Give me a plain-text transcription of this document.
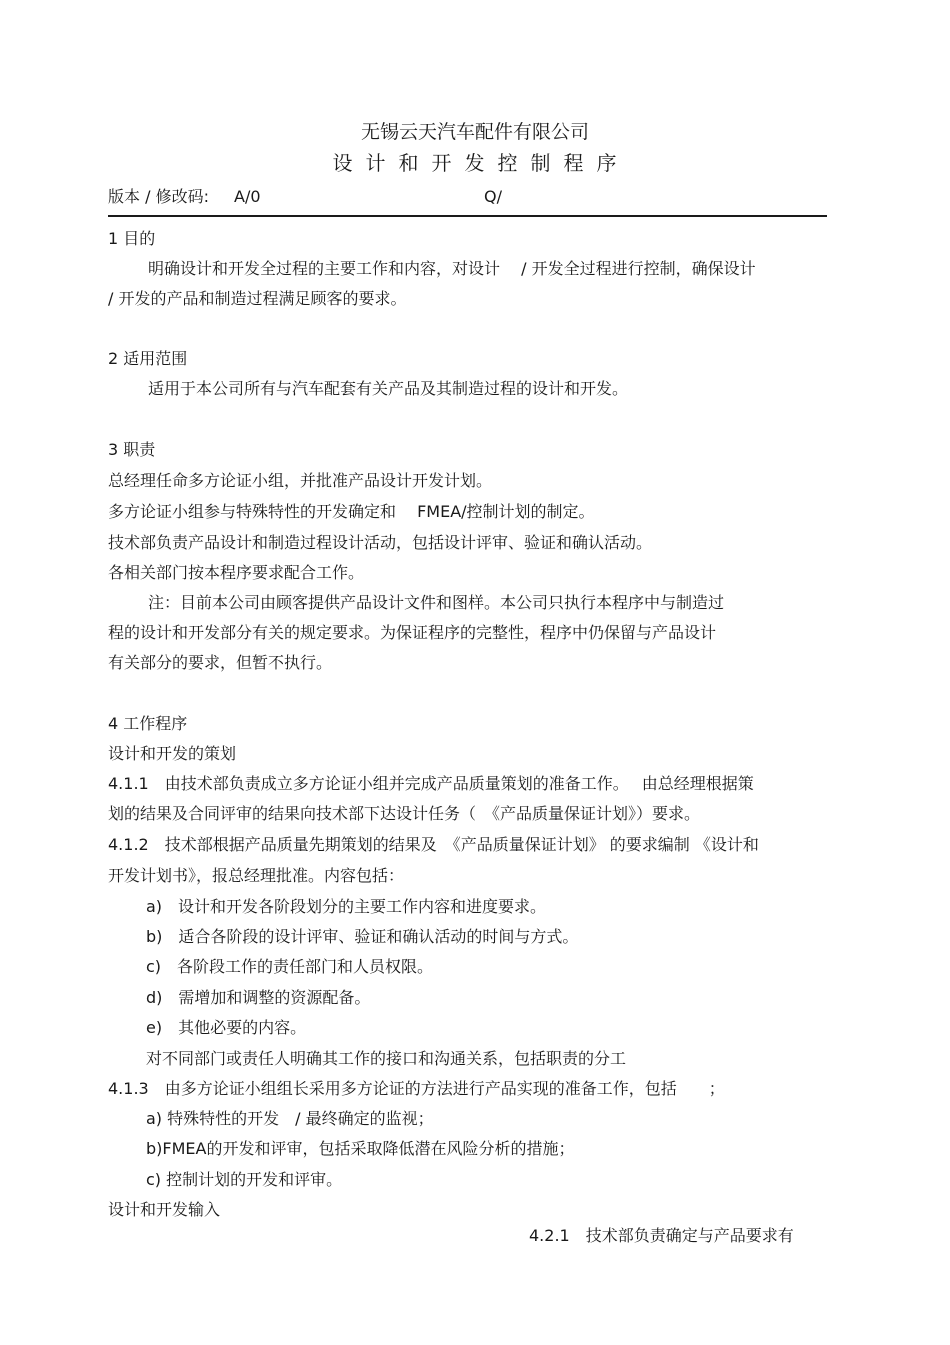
无锡云天汽车配件有限公司
设计和开发控制程序
版本 / 修改码: A/0	Q/
1 目的
明确设计和开发全过程的主要工作和内容，对设计　 / 开发全过程进行控制，确保设计
/ 开发的产品和制造过程满足顾客的要求。
2 适用范围
适用于本公司所有与汽车配套有关产品及其制造过程的设计和开发。
3 职责
总经理任命多方论证小组，并批准产品设计开发计划。
多方论证小组参与特殊特性的开发确定和　 FMEA/控制计划的制定。
技术部负责产品设计和制造过程设计活动，包括设计评审、验证和确认活动。
各相关部门按本程序要求配合工作。
注：目前本公司由顾客提供产品设计文件和图样。本公司只执行本程序中与制造过
程的设计和开发部分有关的规定要求。为保证程序的完整性，程序中仍保留与产品设计
有关部分的要求，但暂不执行。
4 工作程序
设计和开发的策划
4.1.1　由技术部负责成立多方论证小组并完成产品质量策划的准备工作。　 由总经理根据策
划的结果及合同评审的结果向技术部下达设计任务（　《产品质量保证计划》）要求。
4.1.2　技术部根据产品质量先期策划的结果及　《产品质量保证计划》 的要求编制 《设计和
开发计划书》，报总经理批准。内容包括：
a)　设计和开发各阶段划分的主要工作内容和进度要求。
b)　适合各阶段的设计评审、验证和确认活动的时间与方式。
c)　各阶段工作的责任部门和人员权限。
d)　需增加和调整的资源配备。
e)　其他必要的内容。
对不同部门或责任人明确其工作的接口和沟通关系，包括职责的分工
4.1.3　由多方论证小组组长采用多方论证的方法进行产品实现的准备工作，包括　　；
a) 特殊特性的开发　/ 最终确定的监视；
b)FMEA的开发和评审，包括采取降低潜在风险分析的措施；
c) 控制计划的开发和评审。
设计和开发输入
4.2.1　技术部负责确定与产品要求有
